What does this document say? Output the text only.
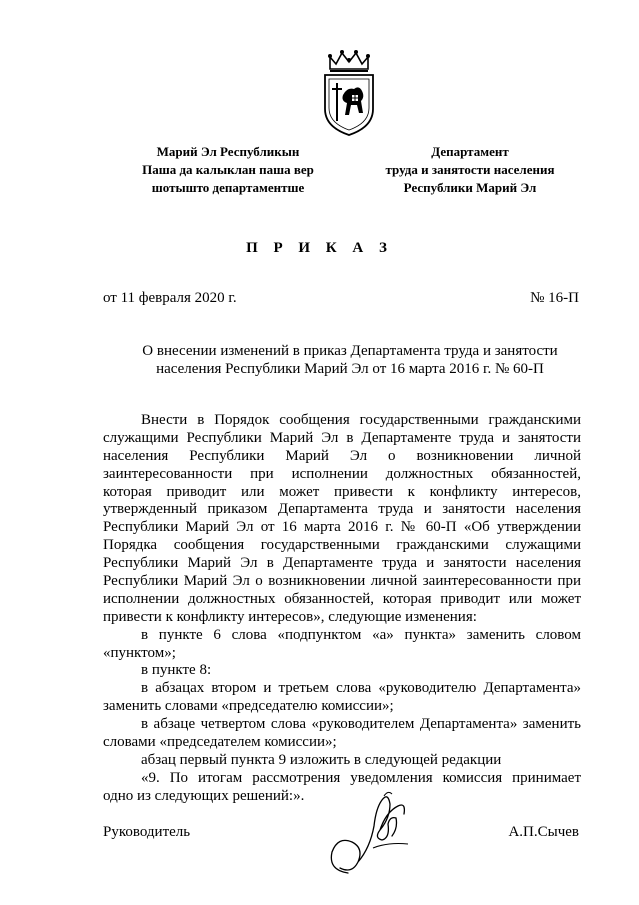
Марий Эл Республикын
Паша да калыклан паша вер
шотышто департаментше
Департамент
труда и занятости населения
Республики Марий Эл
П Р И К А З
от 11 февраля 2020 г.	№ 16-П
О внесении изменений в приказ Департамента труда и занятости
населения Республики Марий Эл от 16 марта 2016 г. № 60-П
Внести в Порядок сообщения государственными гражданскими
служащими Республики Марий Эл в Департаменте труда и занятости
населения Республики Марий Эл о возникновении личной
заинтересованности при исполнении должностных обязанностей,
которая приводит или может привести к конфликту интересов,
утвержденный приказом Департамента труда и занятости населения
Республики Марий Эл от 16 марта 2016 г. № 60-П «Об утверждении
Порядка сообщения государственными гражданскими служащими
Республики Марий Эл в Департаменте труда и занятости населения
Республики Марий Эл о возникновении личной заинтересованности при
исполнении должностных обязанностей, которая приводит или может
привести к конфликту интересов», следующие изменения:
в пункте 6 слова «подпунктом «а» пункта» заменить словом
«пунктом»;
в пункте 8:
в абзацах втором и третьем слова «руководителю Департамента»
заменить словами «председателю комиссии»;
в абзаце четвертом слова «руководителем Департамента» заменить
словами «председателем комиссии»;
абзац первый пункта 9 изложить в следующей редакции
«9. По итогам рассмотрения уведомления комиссия принимает
одно из следующих решений:».
Руководитель	А.П.Сычев
